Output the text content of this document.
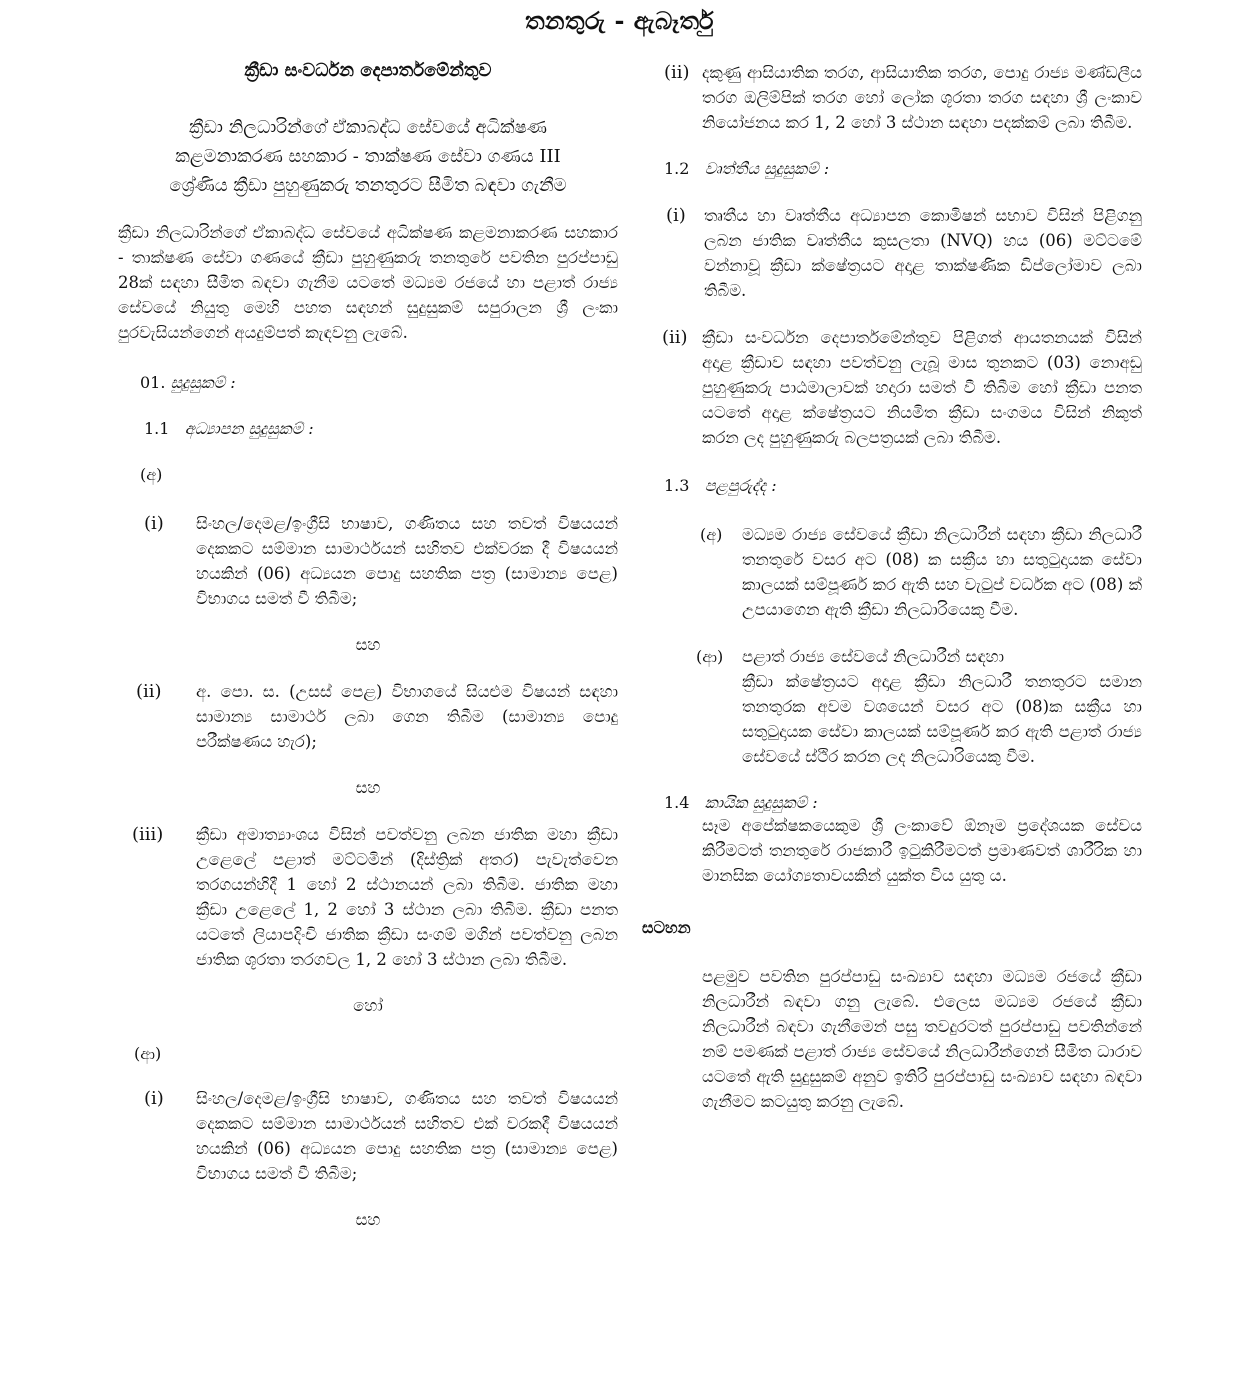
තනතුරු - ඇබෑර්තු
ක්‍රීඩා සංවර්ධන දෙපාර්තමේන්තුව
ක්‍රීඩා නිලධාරින්ගේ ඒකාබද්ධ සේවයේ අධික්ෂණ
කළමනාකරණ සහකාර - තාක්ෂණ සේවා ගණය III
ශ්‍රේණිය ක්‍රීඩා පුහුණුකරු තනතුරට සීමිත බඳවා ගැනීම

ක්‍රීඩා නිලධාරින්ගේ ඒකාබද්ධ සේවයේ අධික්ෂණ කළමනාකරණ සහකාර - තාක්ෂණ සේවා ගණයේ ක්‍රීඩා පුහුණුකරු තනතුරේ පවතින පුරප්පාඩු 28ක් සඳහා සීමිත බඳවා ගැනීම යටතේ මධ්‍යම රජයේ හා පළාත් රාජ්‍ය සේවයේ නියුතු මෙහි පහත සඳහන් සුදුසුකම් සපුරාලන ශ්‍රී ලංකා පුරවැසියන්ගෙන් අයදුම්පත් කැඳවනු ලැබේ.

01. සුදුසුකම් :
1.1 අධ්‍යාපන සුදුසුකම් :
(අ)
(i)	සිංහල/දෙමළ/ඉංග්‍රීසි භාෂාව, ගණිතය සහ තවත් විෂයයන් දෙකකට සම්මාන සාමාර්ථයන් සහිතව එක්වරක දී විෂයයන් හයකින් (06) අධ්‍යයන පොදු සහතික පත්‍ර (සාමාන්‍ය පෙළ) විභාගය සමත් වී තිබීම;
සහ
(ii)	අ. පො. ස. (උසස් පෙළ) විභාගයේ සියළුම විෂයන් සඳහා සාමාන්‍ය සාමාර්ථ ලබා ගෙන තිබීම (සාමාන්‍ය පොදු පරීක්ෂණය හැර);
සහ
(iii)	ක්‍රීඩා අමාත්‍යාංශය විසින් පවත්වනු ලබන ජාතික මහා ක්‍රීඩා උළෙලේ පළාත් මට්ටමින් (දිස්ත්‍රික් අතර) පැවැත්වෙන තරගයන්හිදී 1 හෝ 2 ස්ථානයන් ලබා තිබීම. ජාතික මහා ක්‍රීඩා උළෙලේ 1, 2 හෝ 3 ස්ථාන ලබා තිබීම. ක්‍රීඩා පනත යටතේ ලියාපදිංචි ජාතික ක්‍රීඩා සංගම් මගින් පවත්වනු ලබන ජාතික ශූරතා තරගවල 1, 2 හෝ 3 ස්ථාන ලබා තිබීම.
හෝ
(ආ)
(i)	සිංහල/දෙමළ/ඉංග්‍රීසි භාෂාව, ගණිතය සහ තවත් විෂයයන් දෙකකට සම්මාන සාමාර්ථයන් සහිතව එක් වරකදී විෂයයන් හයකින් (06) අධ්‍යයන පොදු සහතික පත්‍ර (සාමාන්‍ය පෙළ) විභාගය සමත් වී තිබීම;
සහ
(ii) දකුණු ආසියාතික තරග, ආසියාතික තරග, පොදු රාජ්‍ය මණ්ඩලීය තරග ඔලිම්පික් තරග හෝ ලෝක ශූරතා තරග සඳහා ශ්‍රී ලංකාව නියෝජනය කර 1, 2 හෝ 3 ස්ථාන සඳහා පදක්කම් ලබා තිබීම.
1.2 වෘත්තීය සුදුසුකම් :
(i)	තෘතීය හා වෘත්තීය අධ්‍යාපන කොමිෂන් සභාව විසින් පිළිගනු ලබන ජාතික වෘත්තීය කුසලතා (NVQ) හය (06) මට්ටමේ වන්නාවූ ක්‍රීඩා ක්ෂේත්‍රයට අදාළ තාක්ෂණික ඩිප්ලෝමාව ලබා තිබීම.
(ii) ක්‍රීඩා සංවර්ධන දෙපාර්තමේන්තුව පිළිගත් ආයතනයක් විසින් අදාළ ක්‍රීඩාව සඳහා පවත්වනු ලැබූ මාස තුනකට (03) නොඅඩු පුහුණුකරු පාඨමාලාවක් හදාරා සමත් වී තිබීම හෝ ක්‍රීඩා පනත යටතේ අදාළ ක්ෂේත්‍රයට නියමිත ක්‍රීඩා සංගමය විසින් නිකුත් කරන ලද පුහුණුකරු බලපත්‍රයක් ලබා තිබීම.
1.3 පළපුරුද්ද :
(අ)	මධ්‍යම රාජ්‍ය සේවයේ ක්‍රීඩා නිලධාරීන් සඳහා ක්‍රීඩා නිලධාරී තනතුරේ වසර අට (08) ක සක්‍රීය හා සතුටුදායක සේවා කාලයක් සම්පූර්ණ කර ඇති සහ වැටුප් වර්ධක අට (08) ක් උපයාගෙන ඇති ක්‍රීඩා නිලධාරියෙකු වීම.
(ආ)	පළාත් රාජ්‍ය සේවයේ නිලධාරීන් සඳහා
ක්‍රීඩා ක්ෂේත්‍රයට අදාළ ක්‍රීඩා නිලධාරී තනතුරට සමාන තනතුරක අවම වශයෙන් වසර අට (08)ක සක්‍රීය හා සතුටුදායක සේවා කාලයක් සම්පූර්ණ කර ඇති පළාත් රාජ්‍ය සේවයේ ස්ථිර කරන ලද නිලධාරියෙකු වීම.
1.4 කායික සුදුසුකම් :
සෑම අපේක්ෂකයෙකුම ශ්‍රී ලංකාවේ ඕනෑම ප්‍රදේශයක සේවය කිරීමටත් තනතුරේ රාජකාරී ඉටුකිරීමටත් ප්‍රමාණවත් ශාරීරික හා මානසික යෝග්‍යතාවයකින් යුක්ත විය යුතු ය.
සටහන
පළමුව පවතින පුරප්පාඩු සංඛ්‍යාව සඳහා මධ්‍යම රජයේ ක්‍රීඩා නිලධාරීන් බඳවා ගනු ලැබේ. එලෙස මධ්‍යම රජයේ ක්‍රීඩා නිලධාරීන් බඳවා ගැනීමෙන් පසු තවදුරටත් පුරප්පාඩු පවතින්නේ නම් පමණක් පළාත් රාජ්‍ය සේවයේ නිලධාරීන්ගෙන් සීමිත ධාරාව යටතේ ඇති සුදුසුකම් අනුව ඉතිරි පුරප්පාඩු සංඛ්‍යාව සඳහා බඳවා ගැනීමට කටයුතු කරනු ලැබේ.
